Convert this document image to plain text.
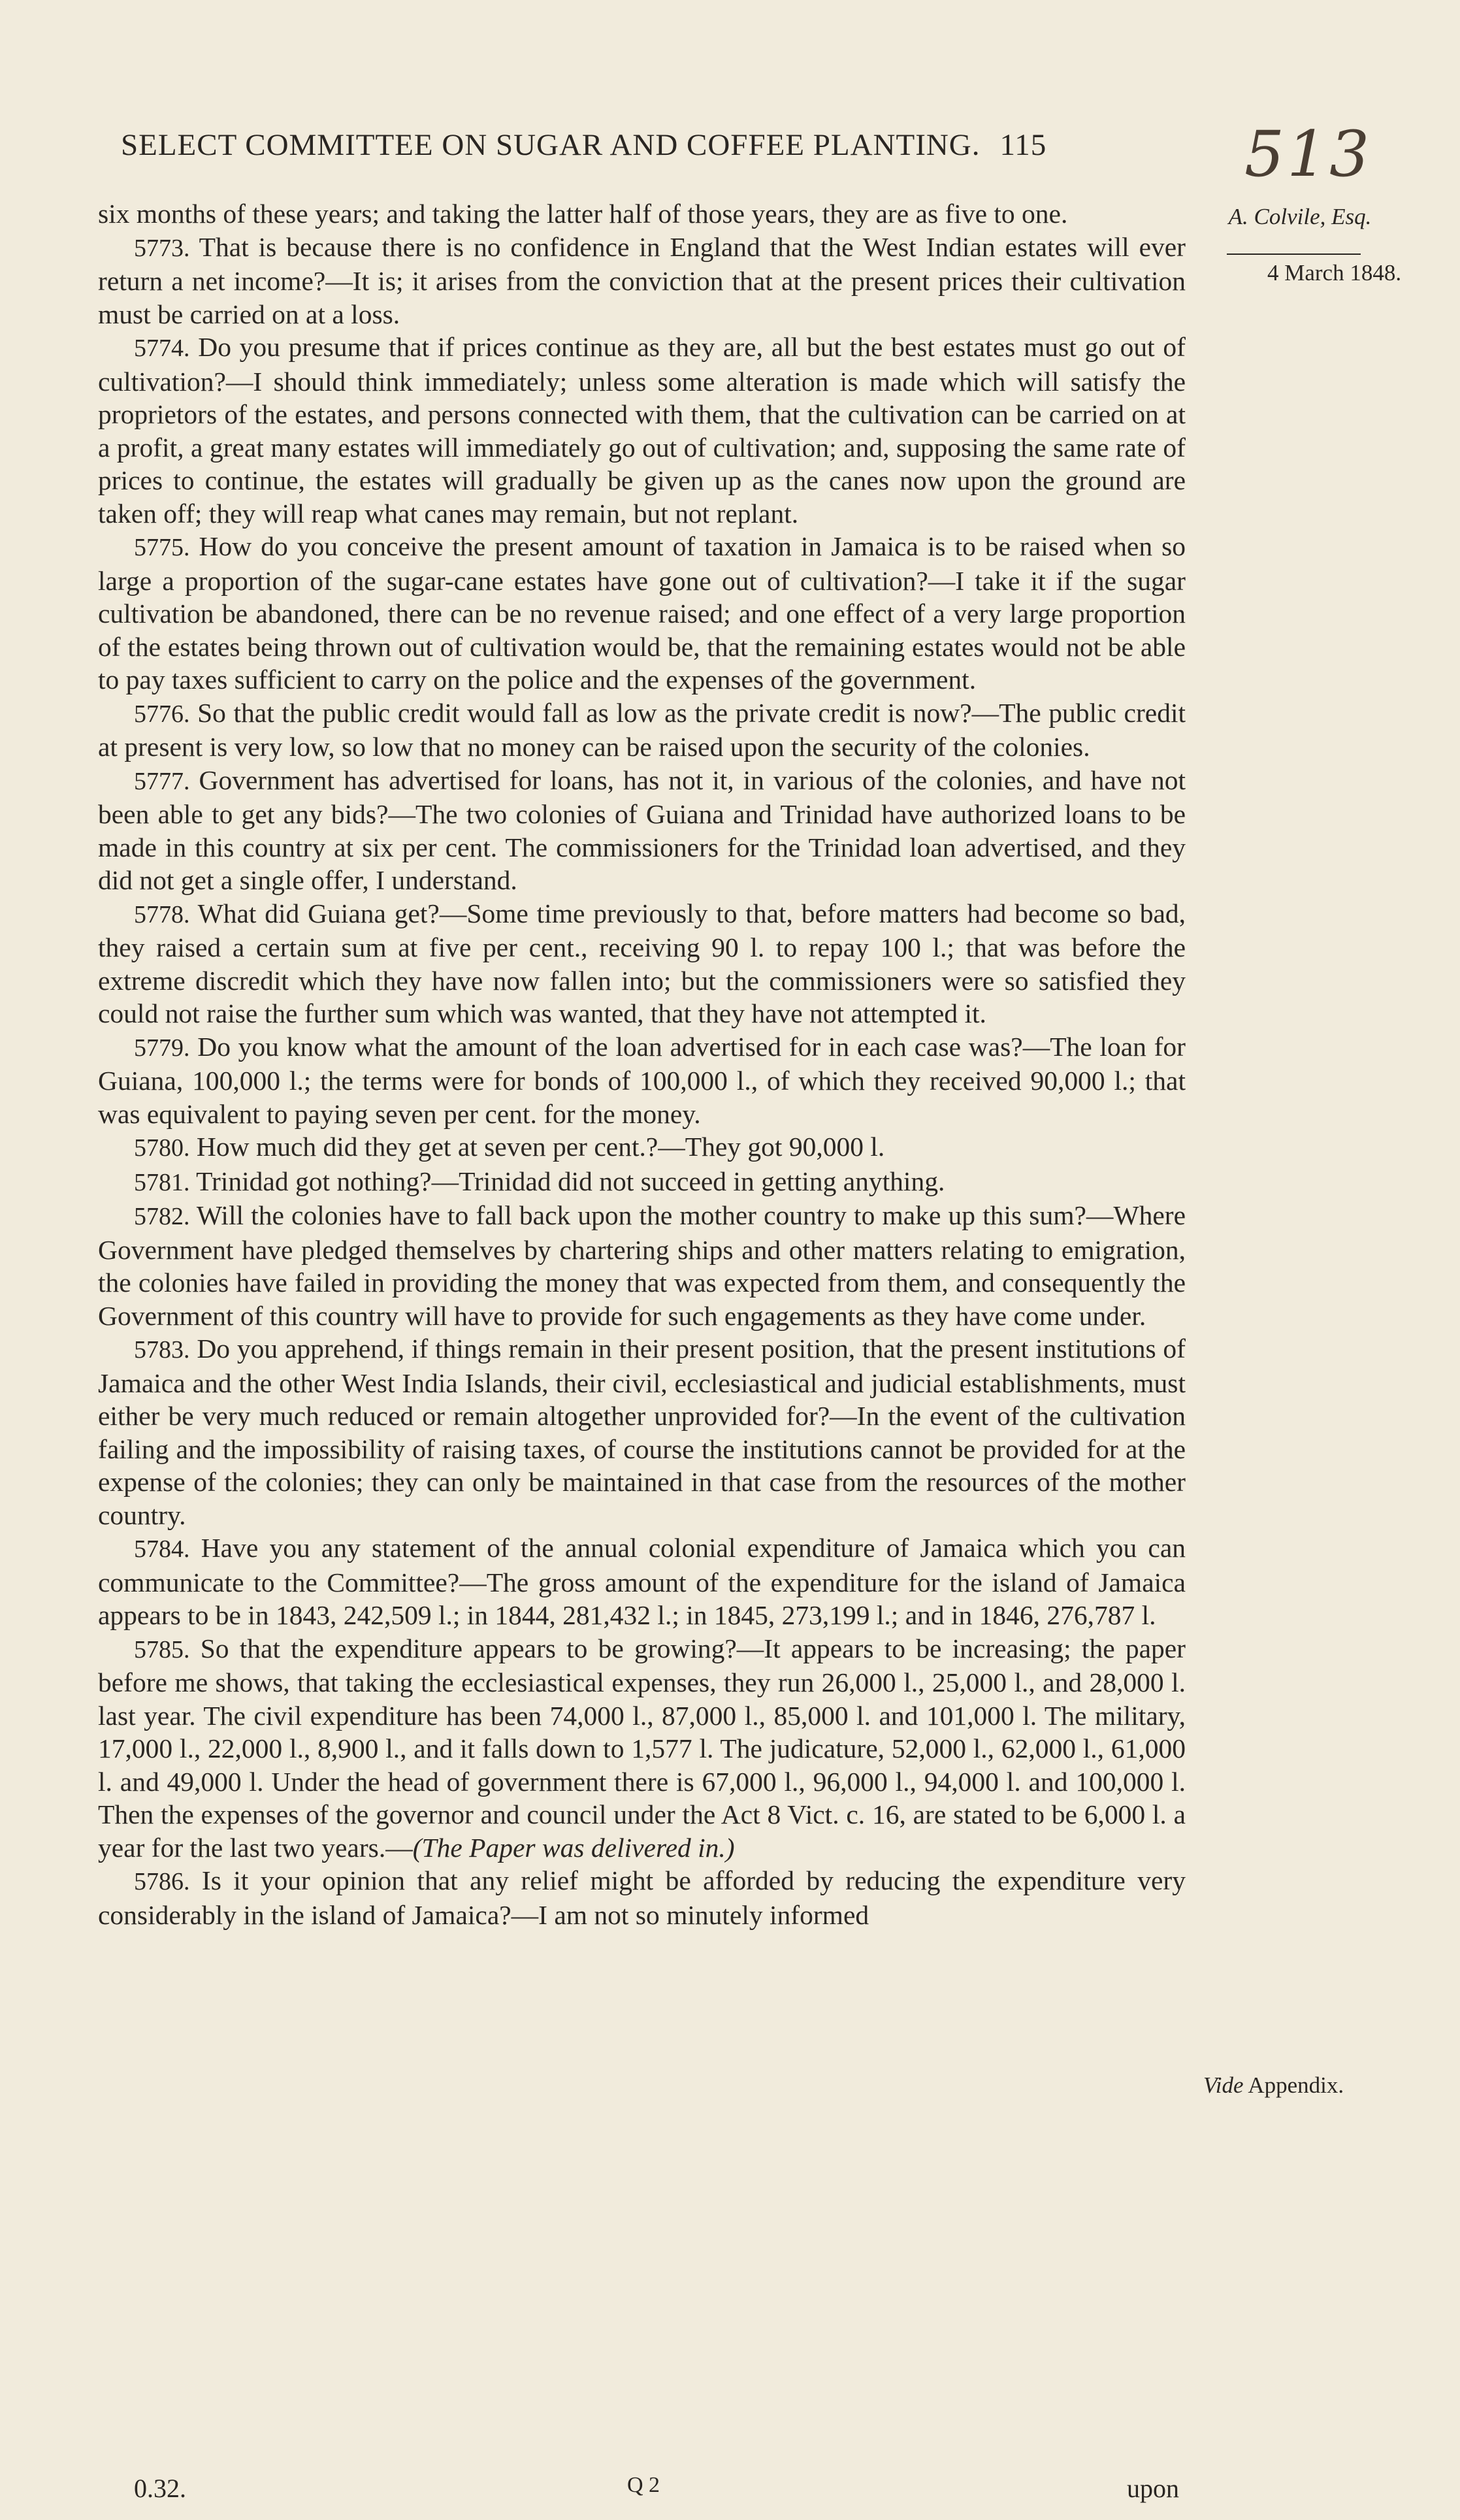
SELECT COMMITTEE ON SUGAR AND COFFEE PLANTING. 115	513
A. Colvile, Esq.
4 March 1848.

six months of these years; and taking the latter half of those years, they are as five to one.

5773. That is because there is no confidence in England that the West Indian estates will ever return a net income?—It is; it arises from the conviction that at the present prices their cultivation must be carried on at a loss.

5774. Do you presume that if prices continue as they are, all but the best estates must go out of cultivation?—I should think immediately; unless some alteration is made which will satisfy the proprietors of the estates, and persons connected with them, that the cultivation can be carried on at a profit, a great many estates will immediately go out of cultivation; and, supposing the same rate of prices to continue, the estates will gradually be given up as the canes now upon the ground are taken off; they will reap what canes may remain, but not replant.

5775. How do you conceive the present amount of taxation in Jamaica is to be raised when so large a proportion of the sugar-cane estates have gone out of cultivation?—I take it if the sugar cultivation be abandoned, there can be no revenue raised; and one effect of a very large proportion of the estates being thrown out of cultivation would be, that the remaining estates would not be able to pay taxes sufficient to carry on the police and the expenses of the government.

5776. So that the public credit would fall as low as the private credit is now?—The public credit at present is very low, so low that no money can be raised upon the security of the colonies.

5777. Government has advertised for loans, has not it, in various of the colonies, and have not been able to get any bids?—The two colonies of Guiana and Trinidad have authorized loans to be made in this country at six per cent. The commissioners for the Trinidad loan advertised, and they did not get a single offer, I understand.

5778. What did Guiana get?—Some time previously to that, before matters had become so bad, they raised a certain sum at five per cent., receiving 90 l. to repay 100 l.; that was before the extreme discredit which they have now fallen into; but the commissioners were so satisfied they could not raise the further sum which was wanted, that they have not attempted it.

5779. Do you know what the amount of the loan advertised for in each case was?—The loan for Guiana, 100,000 l.; the terms were for bonds of 100,000 l., of which they received 90,000 l.; that was equivalent to paying seven per cent. for the money.

5780. How much did they get at seven per cent.?—They got 90,000 l.

5781. Trinidad got nothing?—Trinidad did not succeed in getting anything.

5782. Will the colonies have to fall back upon the mother country to make up this sum?—Where Government have pledged themselves by chartering ships and other matters relating to emigration, the colonies have failed in providing the money that was expected from them, and consequently the Government of this country will have to provide for such engagements as they have come under.

5783. Do you apprehend, if things remain in their present position, that the present institutions of Jamaica and the other West India Islands, their civil, ecclesiastical and judicial establishments, must either be very much reduced or remain altogether unprovided for?—In the event of the cultivation failing and the impossibility of raising taxes, of course the institutions cannot be provided for at the expense of the colonies; they can only be maintained in that case from the resources of the mother country.

5784. Have you any statement of the annual colonial expenditure of Jamaica which you can communicate to the Committee?—The gross amount of the expenditure for the island of Jamaica appears to be in 1843, 242,509 l.; in 1844, 281,432 l.; in 1845, 273,199 l.; and in 1846, 276,787 l.

5785. So that the expenditure appears to be growing?—It appears to be increasing; the paper before me shows, that taking the ecclesiastical expenses, they run 26,000 l., 25,000 l., and 28,000 l. last year. The civil expenditure has been 74,000 l., 87,000 l., 85,000 l. and 101,000 l. The military, 17,000 l., 22,000 l., 8,900 l., and it falls down to 1,577 l. The judicature, 52,000 l., 62,000 l., 61,000 l. and 49,000 l. Under the head of government there is 67,000 l., 96,000 l., 94,000 l. and 100,000 l. Then the expenses of the governor and council under the Act 8 Vict. c. 16, are stated to be 6,000 l. a year for the last two years.—(The Paper was delivered in.)

5786. Is it your opinion that any relief might be afforded by reducing the expenditure very considerably in the island of Jamaica?—I am not so minutely informed

Vide Appendix.
0.32.	Q 2	upon
